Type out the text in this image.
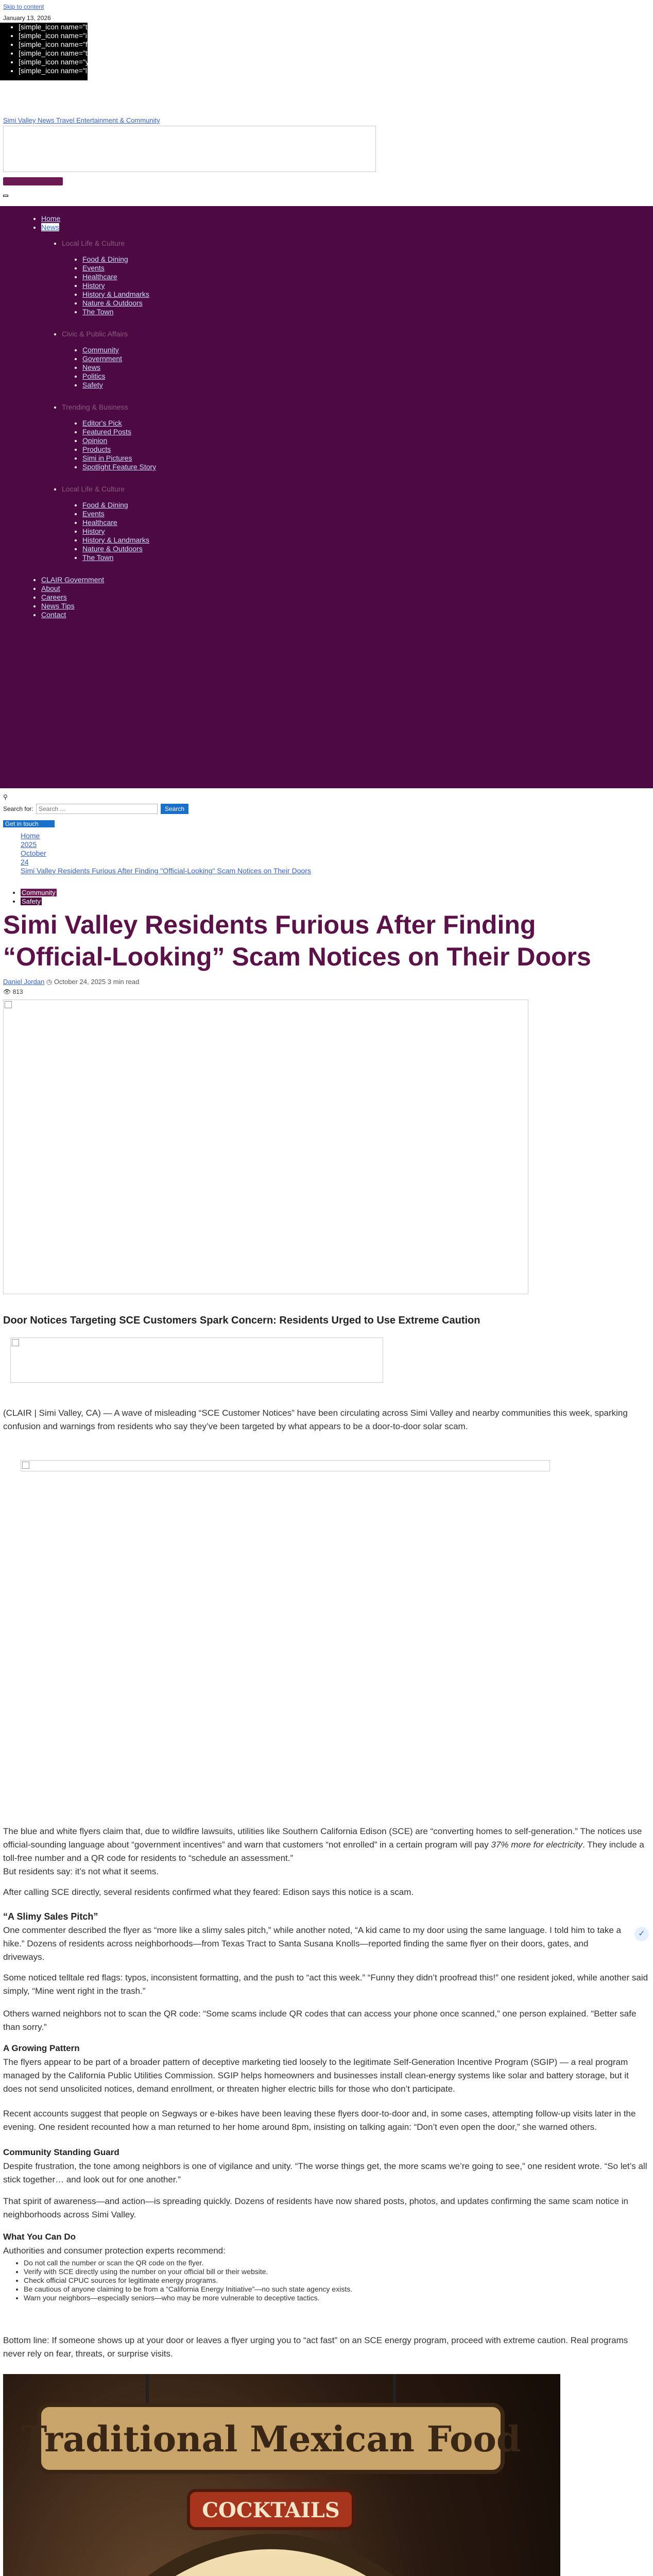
Skip to content
January 13, 2026
• [simple_icon name="tiktok"]
• [simple_icon name="instagram"]
• [simple_icon name="facebook"]
• [simple_icon name="twitter"]
• [simple_icon name="youtube"]
• [simple_icon name="linkedin"]
Simi Valley News Travel Entertainment & Community
• Home
• News
• Local Life & Culture
• Food & Dining
• Events
• Healthcare
• History
• History & Landmarks
• Nature & Outdoors
• The Town
• Civic & Public Affairs
• Community
• Government
• News
• Politics
• Safety
• Trending & Business
• Editor's Pick
• Featured Posts
• Opinion
• Products
• Simi in Pictures
• Spotlight Feature Story
• Local Life & Culture
• Food & Dining
• Events
• Healthcare
• History
• History & Landmarks
• Nature & Outdoors
• The Town
• CLAIR Government
• About
• Careers
• News Tips
• Contact
⚲
Search for:
Search ...	Search
Get in touch
Home
2025
October
24
Simi Valley Residents Furious After Finding "Official-Looking" Scam Notices on Their Doors
• Community
• Safety
Simi Valley Residents Furious After Finding “Official-Looking” Scam Notices on Their Doors
Daniel Jordan ◷ October 24, 2025 3 min read
👁 813
Door Notices Targeting SCE Customers Spark Concern: Residents Urged to Use Extreme Caution

(CLAIR | Simi Valley, CA) — A wave of misleading “SCE Customer Notices” have been circulating across Simi Valley and nearby communities this week, sparking confusion and warnings from residents who say they’ve been targeted by what appears to be a door-to-door solar scam.

The blue and white flyers claim that, due to wildfire lawsuits, utilities like Southern California Edison (SCE) are “converting homes to self-generation.” The notices use official-sounding language about “government incentives” and warn that customers “not enrolled” in a certain program will pay 37% more for electricity. They include a toll-free number and a QR code for residents to “schedule an assessment.”

But residents say: it’s not what it seems.

After calling SCE directly, several residents confirmed what they feared: Edison says this notice is a scam.

“A Slimy Sales Pitch”

One commenter described the flyer as “more like a slimy sales pitch,” while another noted, “A kid came to my door using the same language. I told him to take a hike.” Dozens of residents across neighborhoods—from Texas Tract to Santa Susana Knolls—reported finding the same flyer on their doors, gates, and driveways.

✓

Some noticed telltale red flags: typos, inconsistent formatting, and the push to “act this week.” “Funny they didn’t proofread this!” one resident joked, while another said simply, “Mine went right in the trash.”

Others warned neighbors not to scan the QR code: “Some scams include QR codes that can access your phone once scanned,” one person explained. “Better safe than sorry.”

A Growing Pattern

The flyers appear to be part of a broader pattern of deceptive marketing tied loosely to the legitimate Self-Generation Incentive Program (SGIP) — a real program managed by the California Public Utilities Commission. SGIP helps homeowners and businesses install clean-energy systems like solar and battery storage, but it does not send unsolicited notices, demand enrollment, or threaten higher electric bills for those who don’t participate.

Recent accounts suggest that people on Segways or e-bikes have been leaving these flyers door-to-door and, in some cases, attempting follow-up visits later in the evening. One resident recounted how a man returned to her home around 8pm, insisting on talking again: “Don’t even open the door,” she warned others.

Community Standing Guard

Despite frustration, the tone among neighbors is one of vigilance and unity. “The worse things get, the more scams we’re going to see,” one resident wrote. “So let’s all stick together… and look out for one another.”

That spirit of awareness—and action—is spreading quickly. Dozens of residents have now shared posts, photos, and updates confirming the same scam notice in neighborhoods across Simi Valley.

What You Can Do

Authorities and consumer protection experts recommend:

• Do not call the number or scan the QR code on the flyer.
• Verify with SCE directly using the number on your official bill or their website.
• Check official CPUC sources for legitimate energy programs.
• Be cautious of anyone claiming to be from a “California Energy Initiative”—no such state agency exists.
• Warn your neighbors—especially seniors—who may be more vulnerable to deceptive tactics.

Bottom line: If someone shows up at your door or leaves a flyer urging you to “act fast” on an SCE energy program, proceed with extreme caution. Real programs never rely on fear, threats, or surprise visits.

Traditional Mexican Food
COCKTAILS
